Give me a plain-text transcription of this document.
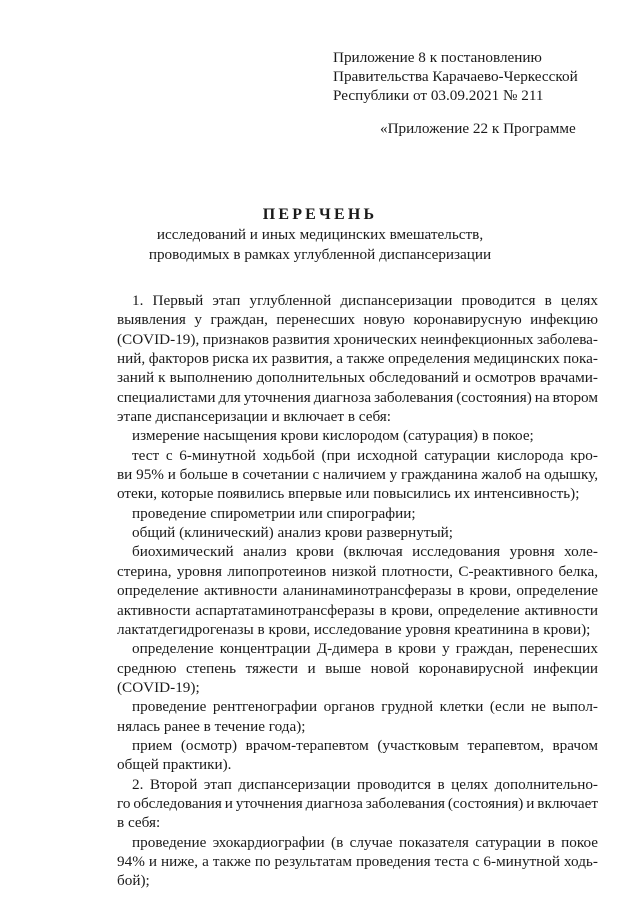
Приложение 8 к постановлению
Правительства Карачаево-Черкесской
Республики от 03.09.2021 № 211
«Приложение 22 к Программе
ПЕРЕЧЕНЬ
исследований и иных медицинских вмешательств,
проводимых в рамках углубленной диспансеризации
1. Первый этап углубленной диспансеризации проводится в целях
выявления у граждан, перенесших новую коронавирусную инфекцию
(COVID-19), признаков развития хронических неинфекционных заболева-
ний, факторов риска их развития, а также определения медицинских пока-
заний к выполнению дополнительных обследований и осмотров врачами-
специалистами для уточнения диагноза заболевания (состояния) на втором
этапе диспансеризации и включает в себя:
измерение насыщения крови кислородом (сатурация) в покое;
тест с 6-минутной ходьбой (при исходной сатурации кислорода кро-
ви 95% и больше в сочетании с наличием у гражданина жалоб на одышку,
отеки, которые появились впервые или повысились их интенсивность);
проведение спирометрии или спирографии;
общий (клинический) анализ крови развернутый;
биохимический анализ крови (включая исследования уровня холе-
стерина, уровня липопротеинов низкой плотности, С-реактивного белка,
определение активности аланинаминотрансферазы в крови, определение
активности аспартатаминотрансферазы в крови, определение активности
лактатдегидрогеназы в крови, исследование уровня креатинина в крови);
определение концентрации Д-димера в крови у граждан, перенесших
среднюю степень тяжести и выше новой коронавирусной инфекции
(COVID-19);
проведение рентгенографии органов грудной клетки (если не выпол-
нялась ранее в течение года);
прием (осмотр) врачом-терапевтом (участковым терапевтом, врачом
общей практики).
2. Второй этап диспансеризации проводится в целях дополнительно-
го обследования и уточнения диагноза заболевания (состояния) и включает
в себя:
проведение эхокардиографии (в случае показателя сатурации в покое
94% и ниже, а также по результатам проведения теста с 6-минутной ходь-
бой);
